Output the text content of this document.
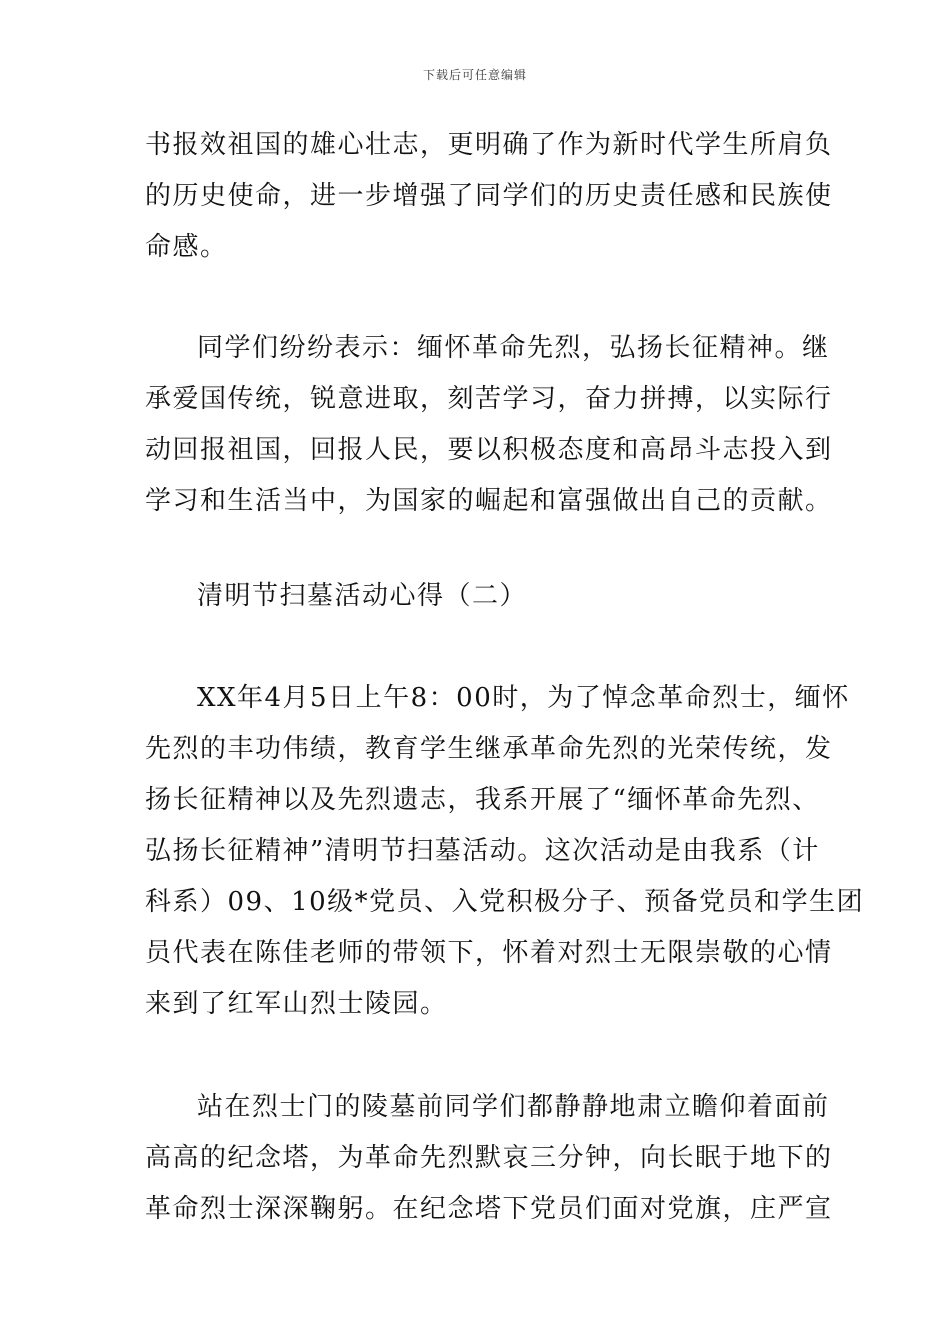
下载后可任意编辑

书报效祖国的雄心壮志，更明确了作为新时代学生所肩负
的历史使命，进一步增强了同学们的历史责任感和民族使
命感。

同学们纷纷表示：缅怀革命先烈，弘扬长征精神。继
承爱国传统，锐意进取，刻苦学习，奋力拼搏，以实际行
动回报祖国，回报人民，要以积极态度和高昂斗志投入到
学习和生活当中，为国家的崛起和富强做出自己的贡献。

清明节扫墓活动心得（二）

XX年4月5日上午8：00时，为了悼念革命烈士，缅怀
先烈的丰功伟绩，教育学生继承革命先烈的光荣传统，发
扬长征精神以及先烈遗志，我系开展了“缅怀革命先烈、
弘扬长征精神”清明节扫墓活动。这次活动是由我系（计
科系）09、10级*党员、入党积极分子、预备党员和学生团
员代表在陈佳老师的带领下，怀着对烈士无限崇敬的心情
来到了红军山烈士陵园。

站在烈士门的陵墓前同学们都静静地肃立瞻仰着面前
高高的纪念塔，为革命先烈默哀三分钟，向长眠于地下的
革命烈士深深鞠躬。在纪念塔下党员们面对党旗，庄严宣
